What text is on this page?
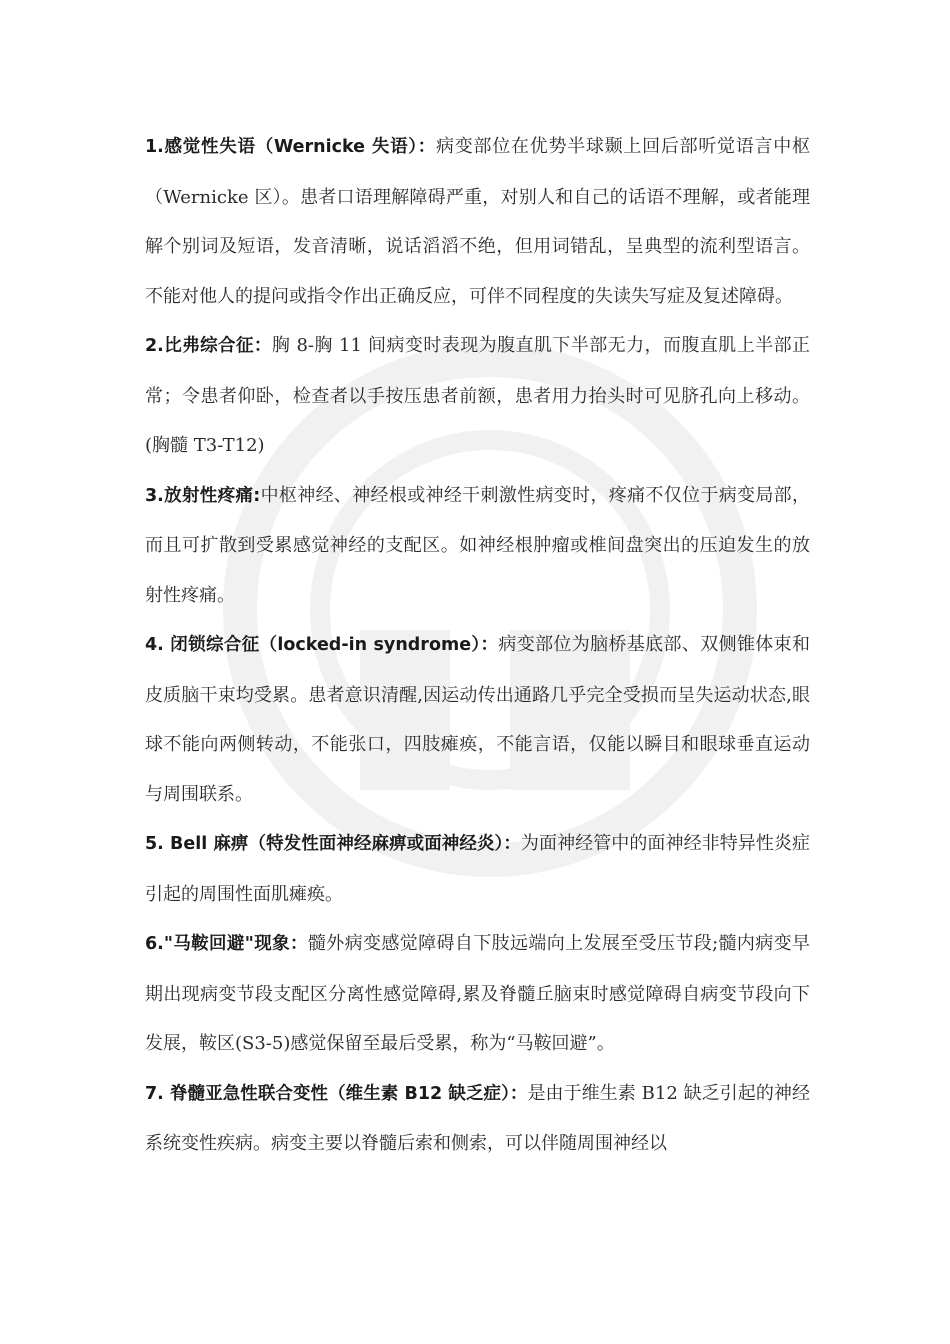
1.感觉性失语（Wernicke 失语）：病变部位在优势半球颞上回后部听觉语言中枢（Wernicke 区）。患者口语理解障碍严重，对别人和自己的话语不理解，或者能理解个别词及短语，发音清晰，说话滔滔不绝，但用词错乱，呈典型的流利型语言。不能对他人的提问或指令作出正确反应，可伴不同程度的失读失写症及复述障碍。

2.比弗综合征：胸 8-胸 11 间病变时表现为腹直肌下半部无力，而腹直肌上半部正常；令患者仰卧，检查者以手按压患者前额，患者用力抬头时可见脐孔向上移动。(胸髓 T3-T12)

3.放射性疼痛:中枢神经、神经根或神经干刺激性病变时，疼痛不仅位于病变局部，而且可扩散到受累感觉神经的支配区。如神经根肿瘤或椎间盘突出的压迫发生的放射性疼痛。

4. 闭锁综合征（locked-in syndrome）：病变部位为脑桥基底部、双侧锥体束和皮质脑干束均受累。患者意识清醒,因运动传出通路几乎完全受损而呈失运动状态,眼球不能向两侧转动，不能张口，四肢瘫痪，不能言语，仅能以瞬目和眼球垂直运动与周围联系。

5. Bell 麻痹（特发性面神经麻痹或面神经炎）：为面神经管中的面神经非特异性炎症引起的周围性面肌瘫痪。

6."马鞍回避"现象：髓外病变感觉障碍自下肢远端向上发展至受压节段;髓内病变早期出现病变节段支配区分离性感觉障碍,累及脊髓丘脑束时感觉障碍自病变节段向下发展，鞍区(S3-5)感觉保留至最后受累，称为“马鞍回避”。

7. 脊髓亚急性联合变性（维生素 B12 缺乏症）：是由于维生素 B12 缺乏引起的神经系统变性疾病。病变主要以脊髓后索和侧索，可以伴随周围神经以
